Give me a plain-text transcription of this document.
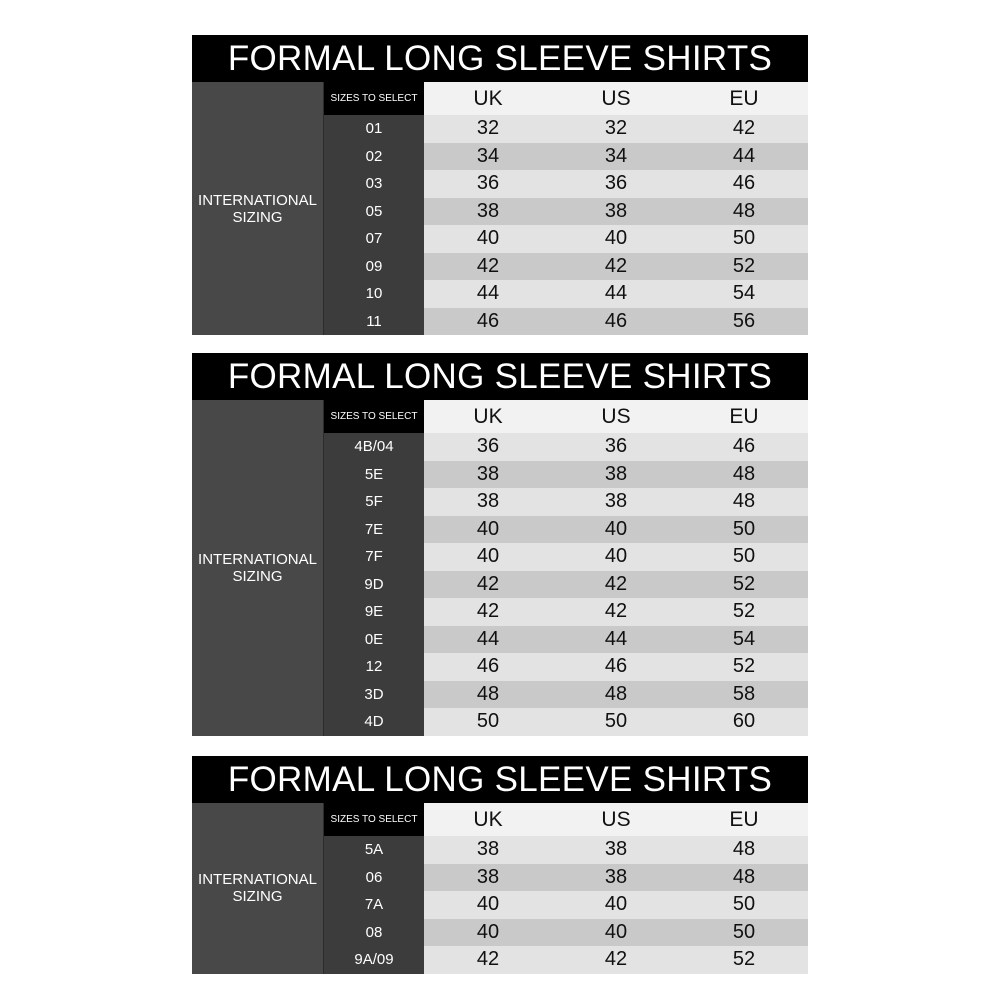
FORMAL LONG SLEEVE SHIRTS
INTERNATIONAL
SIZING
SIZES TO SELECT	UK	US	EU
01	32	32	42
02	34	34	44
03	36	36	46
05	38	38	48
07	40	40	50
09	42	42	52
10	44	44	54
11	46	46	56
FORMAL LONG SLEEVE SHIRTS
INTERNATIONAL
SIZING
SIZES TO SELECT	UK	US	EU
4B/04	36	36	46
5E	38	38	48
5F	38	38	48
7E	40	40	50
7F	40	40	50
9D	42	42	52
9E	42	42	52
0E	44	44	54
12	46	46	52
3D	48	48	58
4D	50	50	60
FORMAL LONG SLEEVE SHIRTS
INTERNATIONAL
SIZING
SIZES TO SELECT	UK	US	EU
5A	38	38	48
06	38	38	48
7A	40	40	50
08	40	40	50
9A/09	42	42	52
